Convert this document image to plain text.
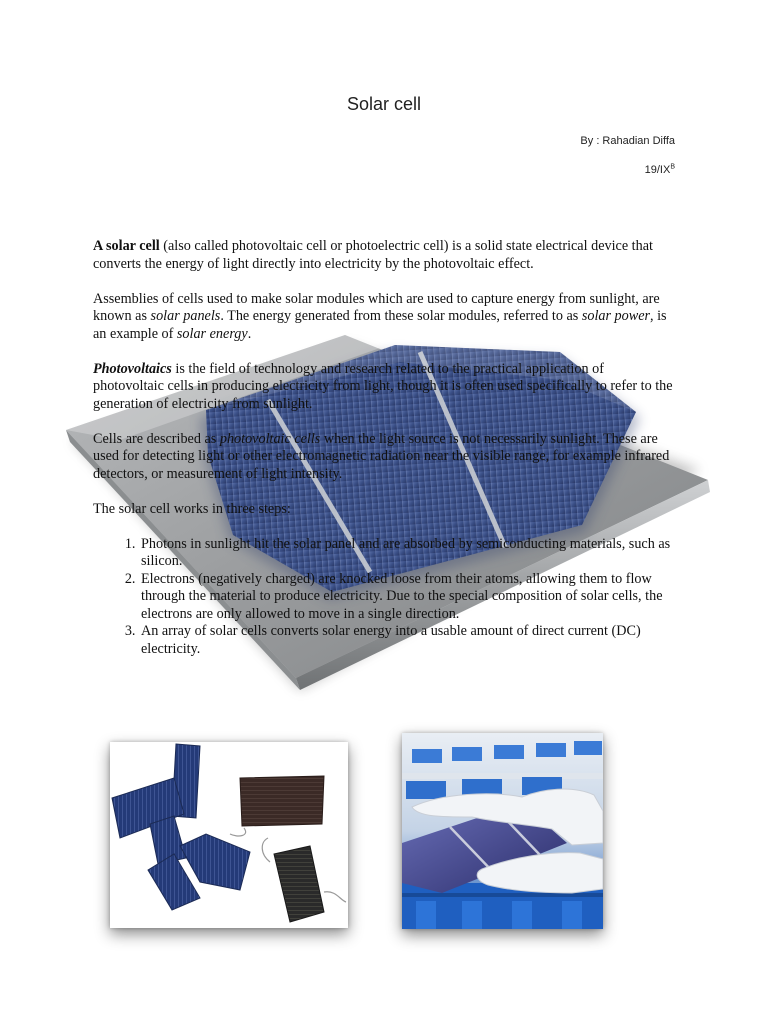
Solar cell
By : Rahadian Diffa
$19/IX^B$

A solar cell (also called photovoltaic cell or photoelectric cell) is a solid state electrical device that converts the energy of light directly into electricity by the photovoltaic effect.

Assemblies of cells used to make solar modules which are used to capture energy from sunlight, are known as solar panels. The energy generated from these solar modules, referred to as solar power, is an example of solar energy.

Photovoltaics is the field of technology and research related to the practical application of photovoltaic cells in producing electricity from light, though it is often used specifically to refer to the generation of electricity from sunlight.

Cells are described as photovoltaic cells when the light source is not necessarily sunlight. These are used for detecting light or other electromagnetic radiation near the visible range, for example infrared detectors, or measurement of light intensity.

The solar cell works in three steps:

1. Photons in sunlight hit the solar panel and are absorbed by semiconducting materials, such as silicon.
2. Electrons (negatively charged) are knocked loose from their atoms, allowing them to flow through the material to produce electricity. Due to the special composition of solar cells, the electrons are only allowed to move in a single direction.
3. An array of solar cells converts solar energy into a usable amount of direct current (DC) electricity.
